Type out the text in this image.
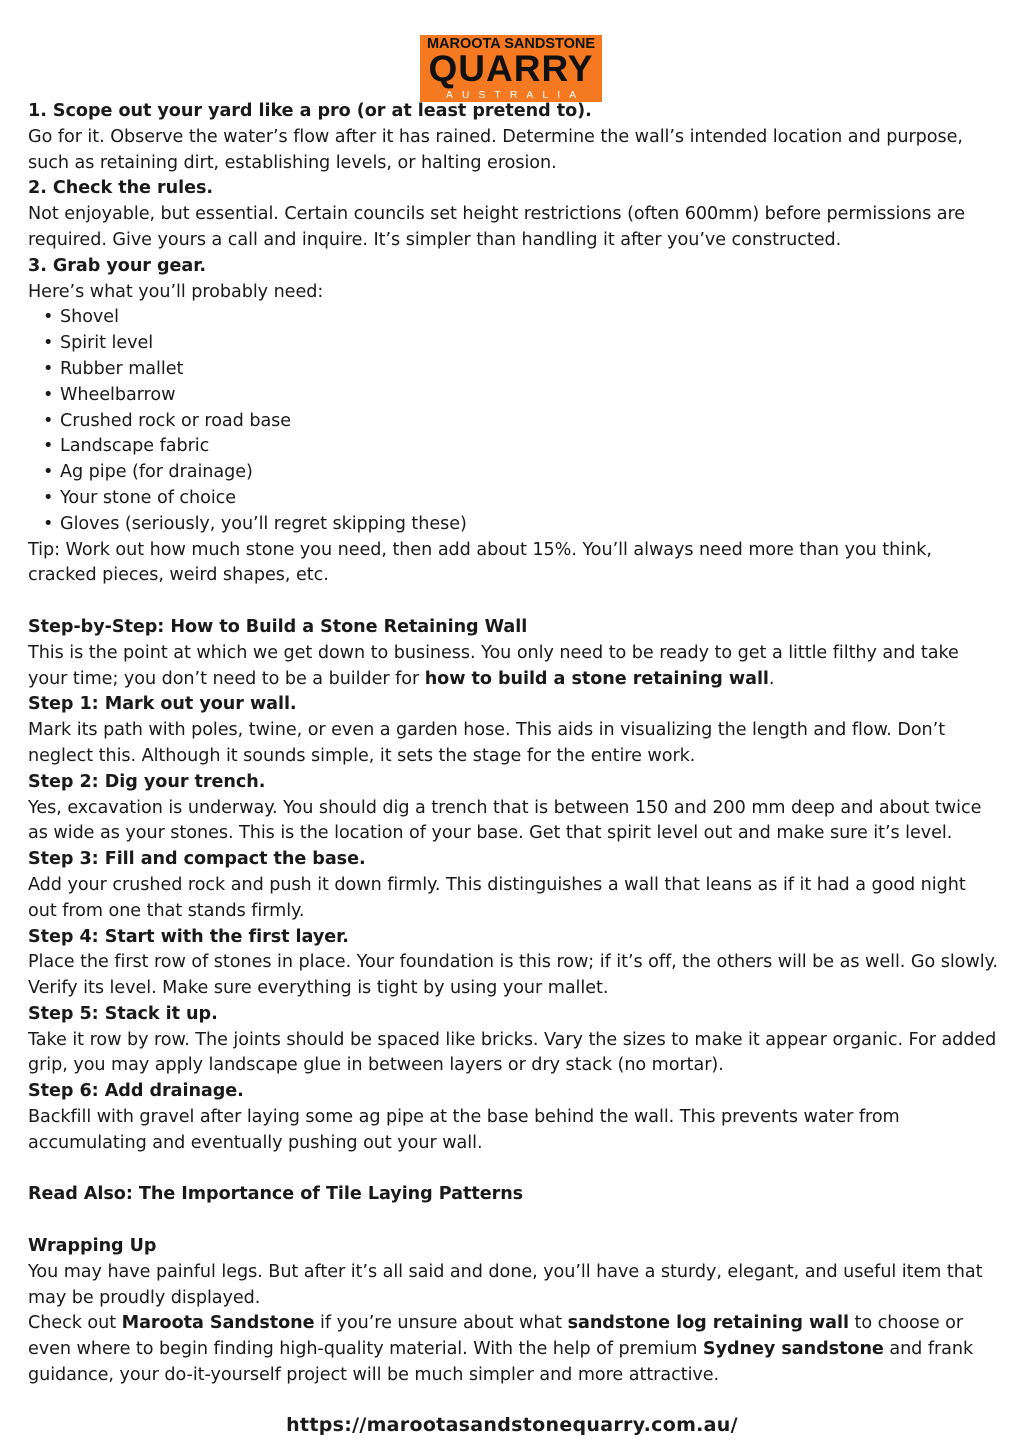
MAROOTA SANDSTONE
QUARRY
AUSTRALIA

1. Scope out your yard like a pro (or at least pretend to).

Go for it. Observe the water’s flow after it has rained. Determine the wall’s intended location and purpose, such as retaining dirt, establishing levels, or halting erosion.

2. Check the rules.

Not enjoyable, but essential. Certain councils set height restrictions (often 600mm) before permissions are required. Give yours a call and inquire. It’s simpler than handling it after you’ve constructed.

3. Grab your gear.

Here’s what you’ll probably need:

• Shovel
• Spirit level
• Rubber mallet
• Wheelbarrow
• Crushed rock or road base
• Landscape fabric
• Ag pipe (for drainage)
• Your stone of choice
• Gloves (seriously, you’ll regret skipping these)

Tip: Work out how much stone you need, then add about 15%. You’ll always need more than you think, cracked pieces, weird shapes, etc.

Step-by-Step: How to Build a Stone Retaining Wall

This is the point at which we get down to business. You only need to be ready to get a little filthy and take your time; you don’t need to be a builder for how to build a stone retaining wall.

Step 1: Mark out your wall.

Mark its path with poles, twine, or even a garden hose. This aids in visualizing the length and flow. Don’t neglect this. Although it sounds simple, it sets the stage for the entire work.

Step 2: Dig your trench.

Yes, excavation is underway. You should dig a trench that is between 150 and 200 mm deep and about twice as wide as your stones. This is the location of your base. Get that spirit level out and make sure it’s level.

Step 3: Fill and compact the base.

Add your crushed rock and push it down firmly. This distinguishes a wall that leans as if it had a good night out from one that stands firmly.

Step 4: Start with the first layer.

Place the first row of stones in place. Your foundation is this row; if it’s off, the others will be as well. Go slowly. Verify its level. Make sure everything is tight by using your mallet.

Step 5: Stack it up.

Take it row by row. The joints should be spaced like bricks. Vary the sizes to make it appear organic. For added grip, you may apply landscape glue in between layers or dry stack (no mortar).

Step 6: Add drainage.

Backfill with gravel after laying some ag pipe at the base behind the wall. This prevents water from accumulating and eventually pushing out your wall.

Read Also: The Importance of Tile Laying Patterns

Wrapping Up

You may have painful legs. But after it’s all said and done, you’ll have a sturdy, elegant, and useful item that may be proudly displayed.

Check out Maroota Sandstone if you’re unsure about what sandstone log retaining wall to choose or even where to begin finding high-quality material. With the help of premium Sydney sandstone and frank guidance, your do-it-yourself project will be much simpler and more attractive.

https://marootasandstonequarry.com.au/
